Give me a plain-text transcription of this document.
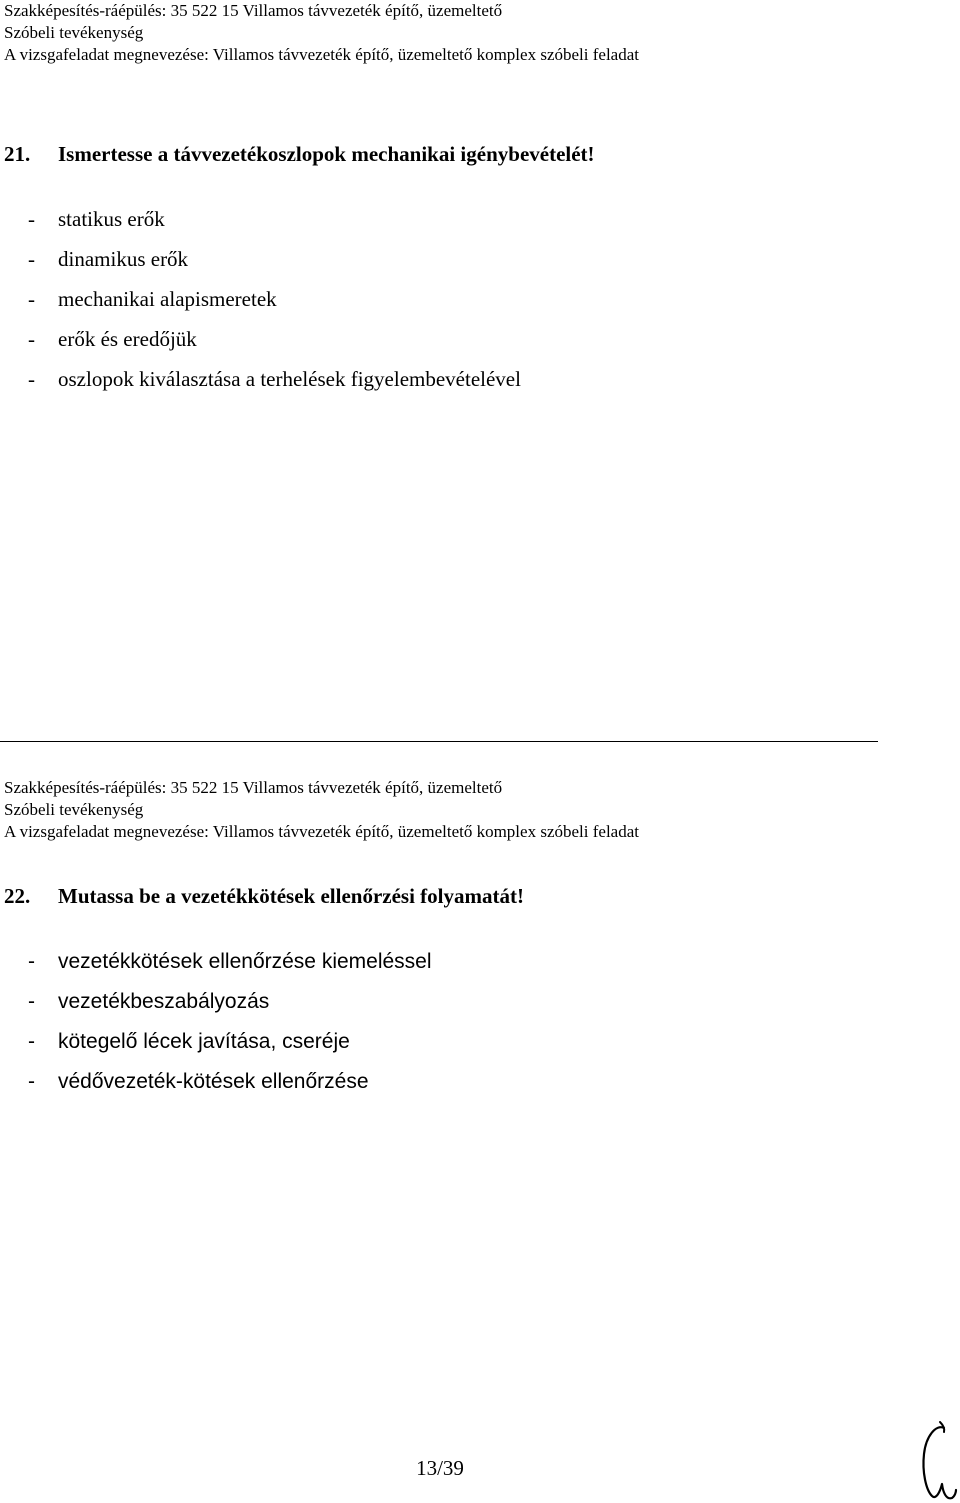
Szakképesítés-ráépülés: 35 522 15 Villamos távvezeték építő, üzemeltető
Szóbeli tevékenység
A vizsgafeladat megnevezése: Villamos távvezeték építő, üzemeltető komplex szóbeli feladat
21. Ismertesse a távvezetékoszlopok mechanikai igénybevételét!
- statikus erők
- dinamikus erők
- mechanikai alapismeretek
- erők és eredőjük
- oszlopok kiválasztása a terhelések figyelembevételével
Szakképesítés-ráépülés: 35 522 15 Villamos távvezeték építő, üzemeltető
Szóbeli tevékenység
A vizsgafeladat megnevezése: Villamos távvezeték építő, üzemeltető komplex szóbeli feladat
22. Mutassa be a vezetékkötések ellenőrzési folyamatát!
- vezetékkötések ellenőrzése kiemeléssel
- vezetékbeszabályozás
- kötegelő lécek javítása, cseréje
- védővezeték-kötések ellenőrzése
13/39
